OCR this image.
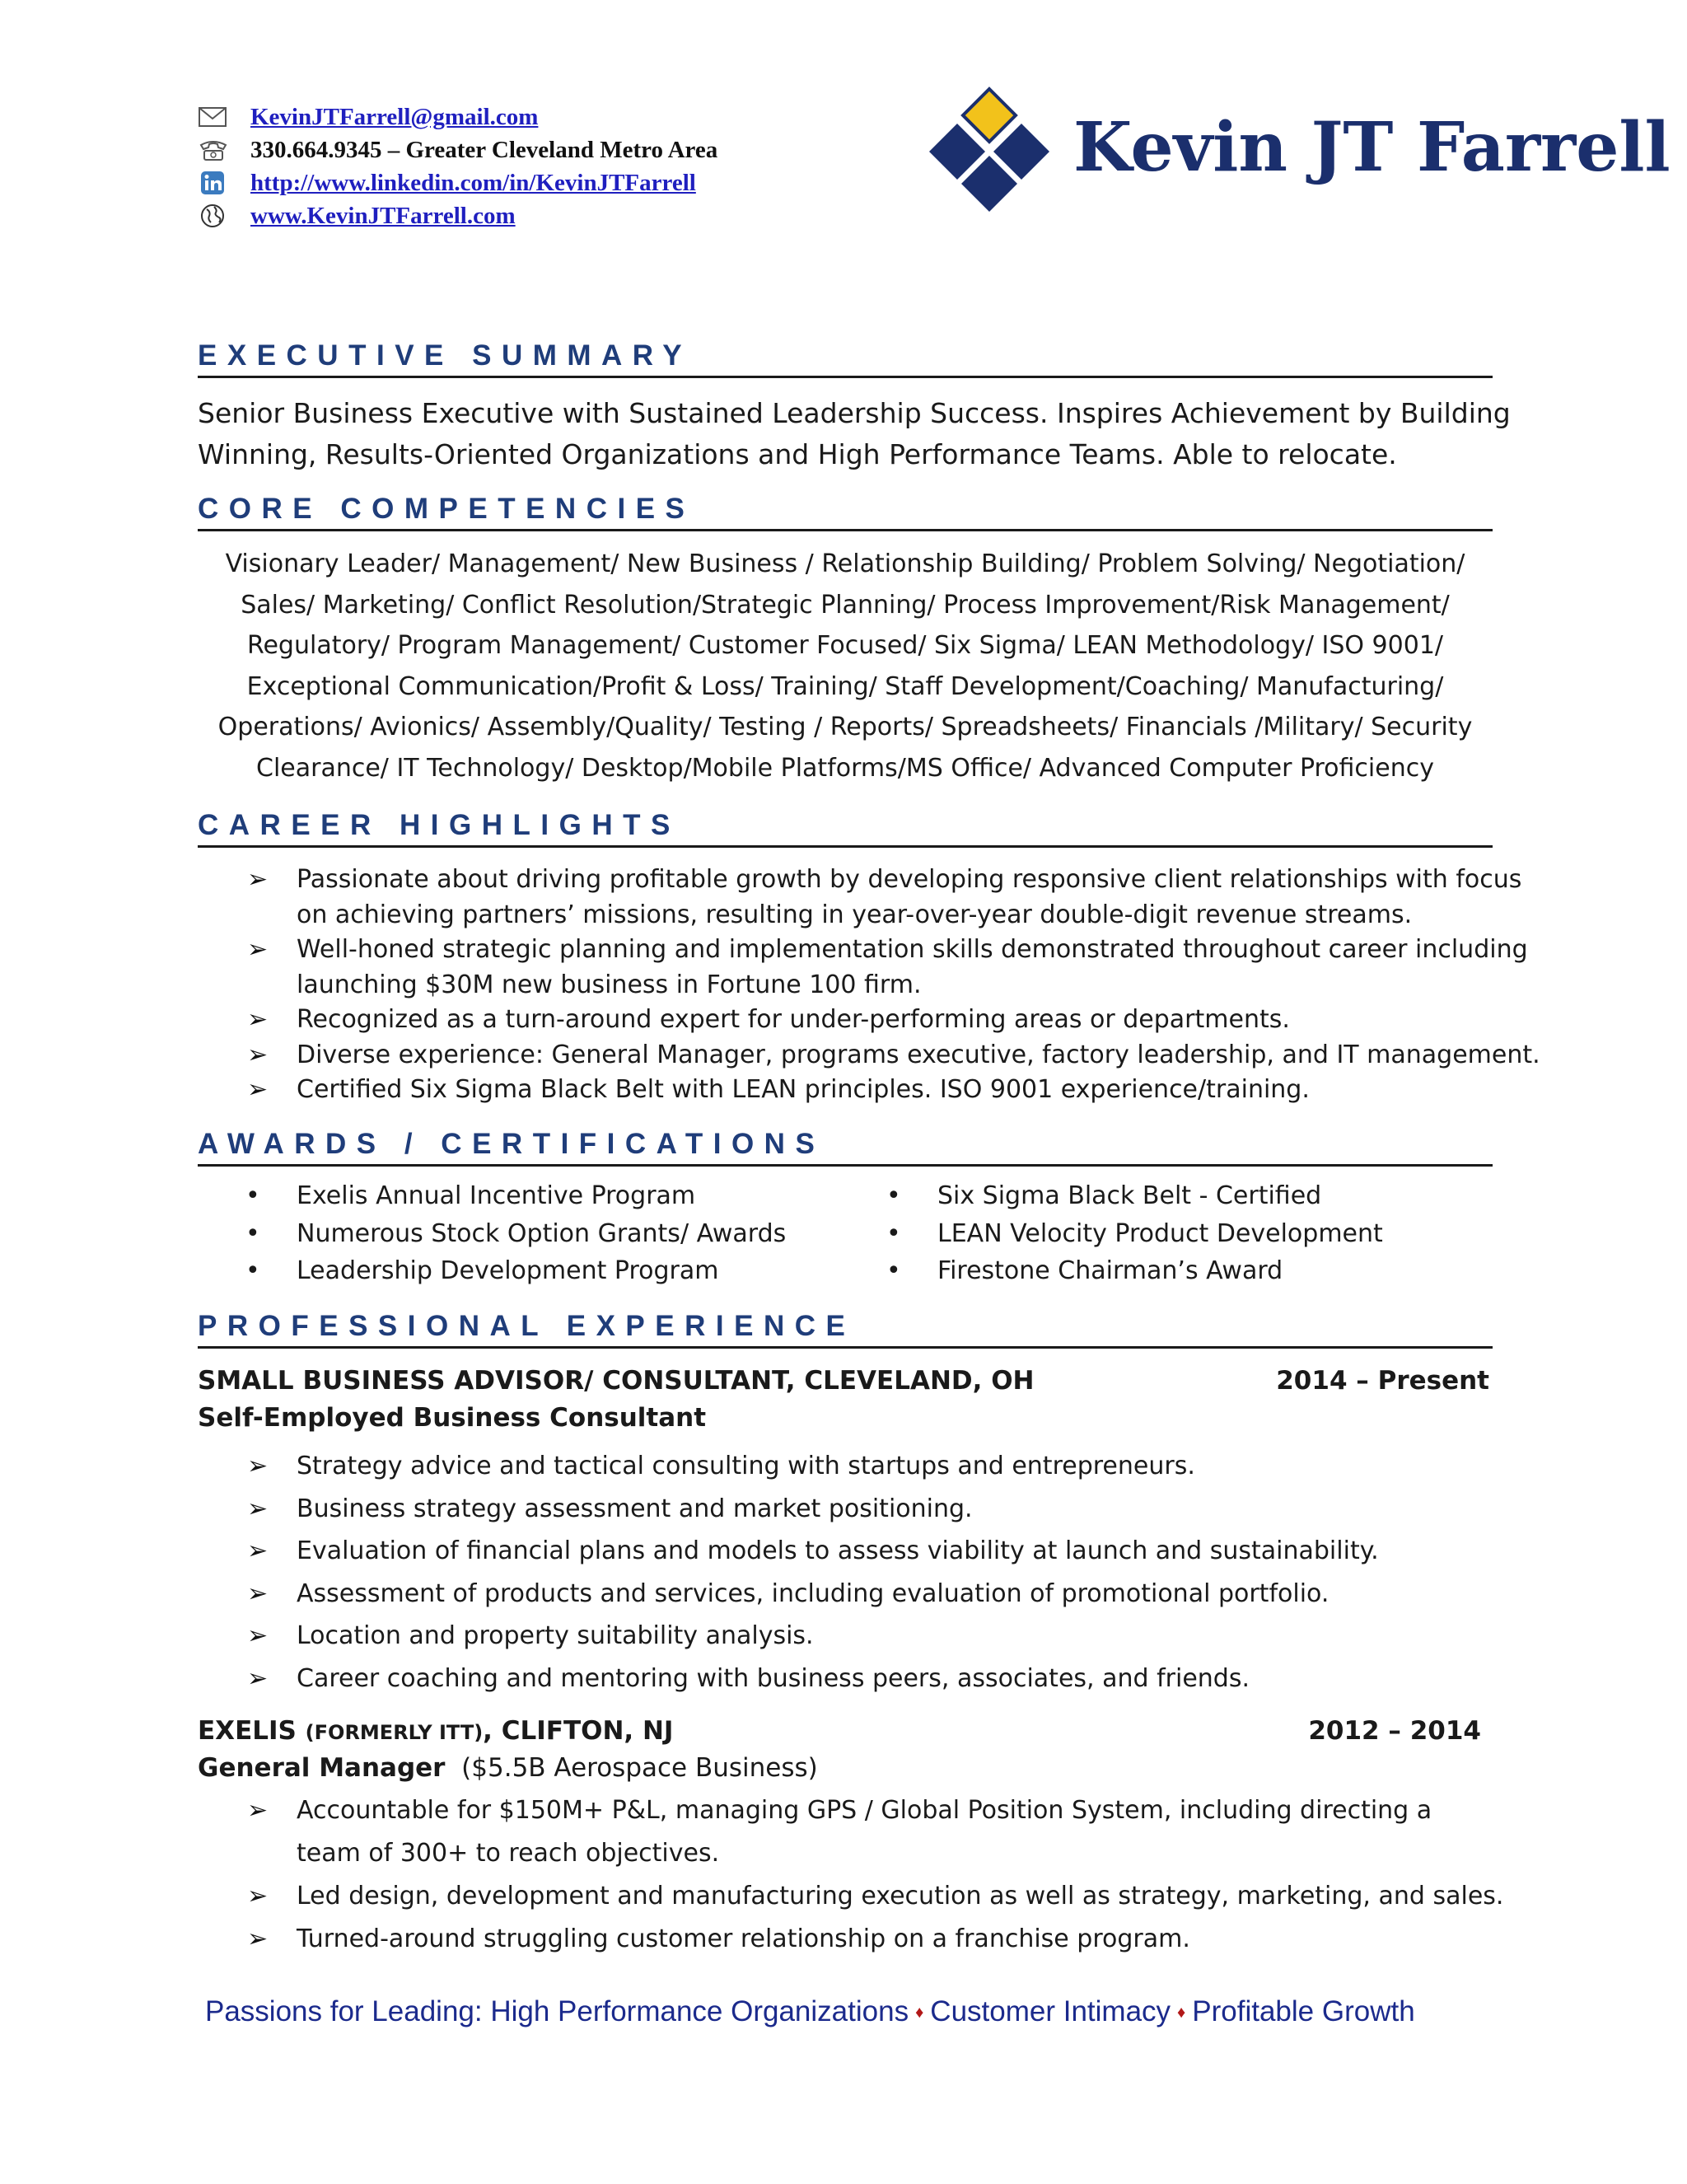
KevinJTFarrell@gmail.com
330.664.9345 – Greater Cleveland Metro Area
http://www.linkedin.com/in/KevinJTFarrell
www.KevinJTFarrell.com
Kevin JT Farrell
EXECUTIVE SUMMARY
Senior Business Executive with Sustained Leadership Success. Inspires Achievement by Building
Winning, Results-Oriented Organizations and High Performance Teams. Able to relocate.
CORE COMPETENCIES
Visionary Leader/ Management/ New Business / Relationship Building/ Problem Solving/ Negotiation/
Sales/ Marketing/ Conflict Resolution/Strategic Planning/ Process Improvement/Risk Management/
Regulatory/ Program Management/ Customer Focused/ Six Sigma/ LEAN Methodology/ ISO 9001/
Exceptional Communication/Profit & Loss/ Training/ Staff Development/Coaching/ Manufacturing/
Operations/ Avionics/ Assembly/Quality/ Testing / Reports/ Spreadsheets/ Financials /Military/ Security
Clearance/ IT Technology/ Desktop/Mobile Platforms/MS Office/ Advanced Computer Proficiency
CAREER HIGHLIGHTS
➢ Passionate about driving profitable growth by developing responsive client relationships with focus
on achieving partners’ missions, resulting in year-over-year double-digit revenue streams.
➢ Well-honed strategic planning and implementation skills demonstrated throughout career including
launching $30M new business in Fortune 100 firm.
➢ Recognized as a turn-around expert for under-performing areas or departments.
➢ Diverse experience: General Manager, programs executive, factory leadership, and IT management.
➢ Certified Six Sigma Black Belt with LEAN principles. ISO 9001 experience/training.
AWARDS / CERTIFICATIONS
• Exelis Annual Incentive Program
• Numerous Stock Option Grants/ Awards
• Leadership Development Program
• Six Sigma Black Belt - Certified
• LEAN Velocity Product Development
• Firestone Chairman’s Award
PROFESSIONAL EXPERIENCE
SMALL BUSINESS ADVISOR/ CONSULTANT, CLEVELAND, OH	2014 – Present
Self-Employed Business Consultant
➢ Strategy advice and tactical consulting with startups and entrepreneurs.
➢ Business strategy assessment and market positioning.
➢ Evaluation of financial plans and models to assess viability at launch and sustainability.
➢ Assessment of products and services, including evaluation of promotional portfolio.
➢ Location and property suitability analysis.
➢ Career coaching and mentoring with business peers, associates, and friends.
EXELIS (FORMERLY ITT), CLIFTON, NJ	2012 – 2014
General Manager ($5.5B Aerospace Business)
➢ Accountable for $150M+ P&L, managing GPS / Global Position System, including directing a
team of 300+ to reach objectives.
➢ Led design, development and manufacturing execution as well as strategy, marketing, and sales.
➢ Turned-around struggling customer relationship on a franchise program.
Passions for Leading: High Performance Organizations ♦ Customer Intimacy ♦ Profitable Growth
